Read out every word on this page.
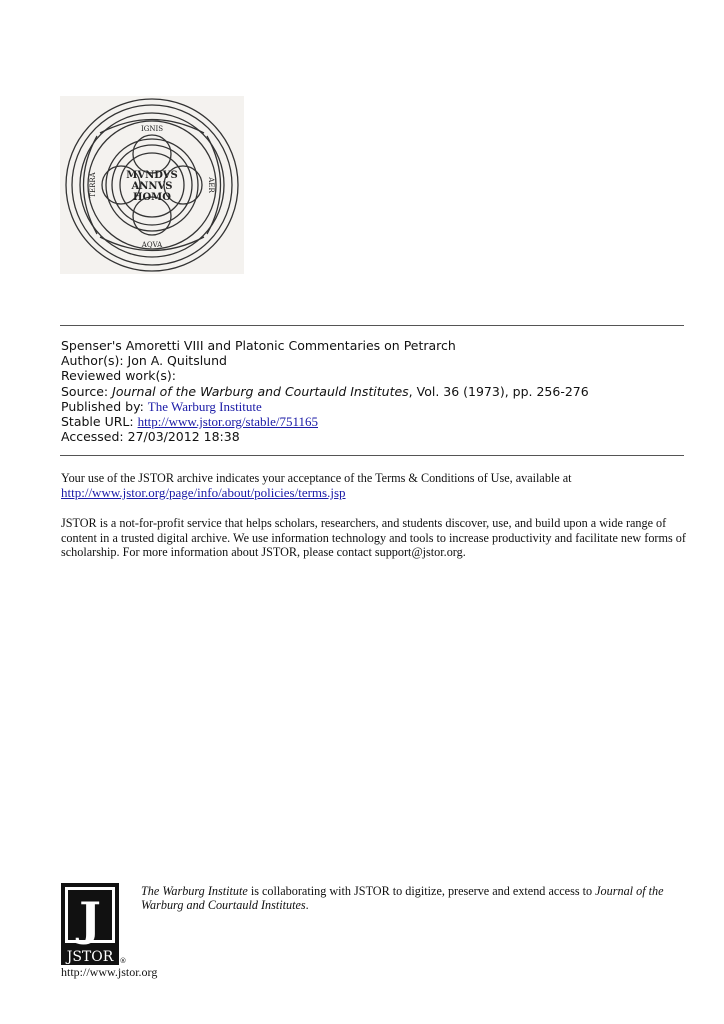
MVNDVS
ANNVS
HOMO
IGNIS
AQVA
AER
TERRA
Spenser's Amoretti VIII and Platonic Commentaries on Petrarch
Author(s): Jon A. Quitslund
Reviewed work(s):
Source: Journal of the Warburg and Courtauld Institutes, Vol. 36 (1973), pp. 256-276
Published by: The Warburg Institute
Stable URL: http://www.jstor.org/stable/751165
Accessed: 27/03/2012 18:38

Your use of the JSTOR archive indicates your acceptance of the Terms & Conditions of Use, available at

http://www.jstor.org/page/info/about/policies/terms.jsp

JSTOR is a not-for-profit service that helps scholars, researchers, and students discover, use, and build upon a wide range of content in a trusted digital archive. We use information technology and tools to increase productivity and facilitate new forms of scholarship. For more information about JSTOR, please contact support@jstor.org.

J
JSTOR ®
The Warburg Institute is collaborating with JSTOR to digitize, preserve and extend access to Journal of the Warburg and Courtauld Institutes.
http://www.jstor.org
